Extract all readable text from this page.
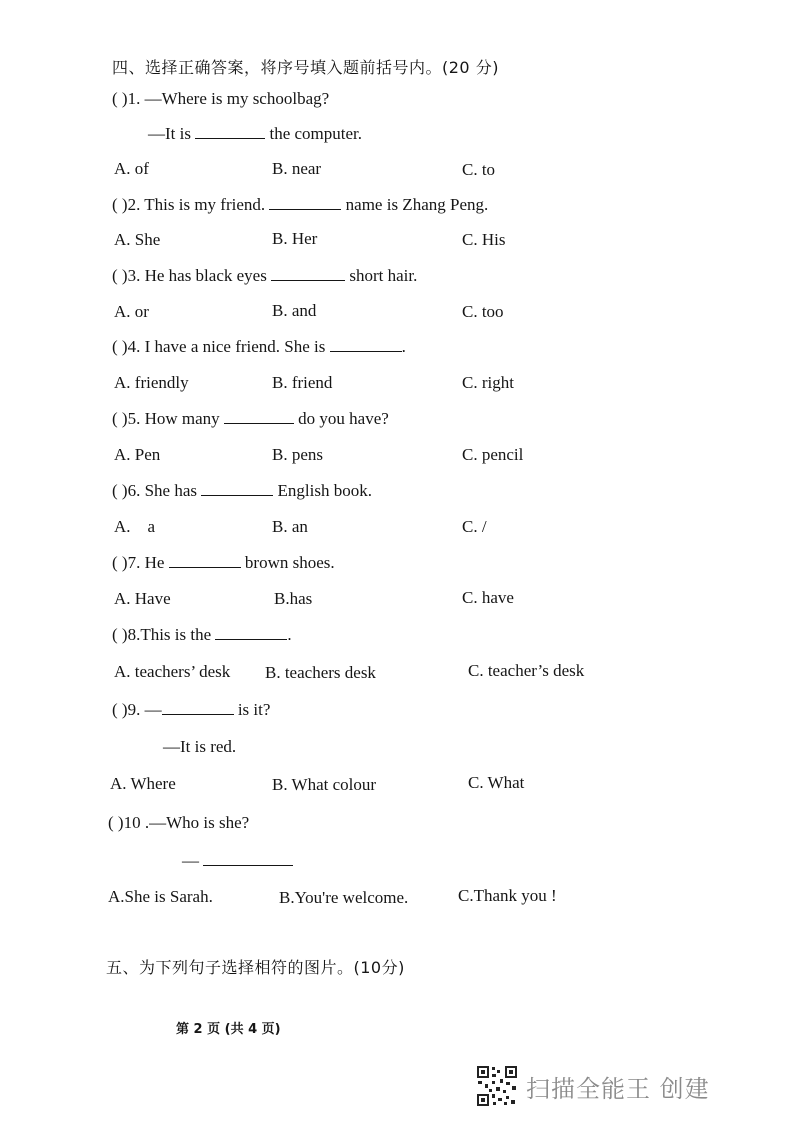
四、选择正确答案，将序号填入题前括号内。(20 分)
( )1. —Where is my schoolbag?
—It is	the computer.
A. of	B. near	C. to
( )2. This is my friend.	name is Zhang Peng.
A. She	B. Her	C. His
( )3. He has black eyes	short hair.
A. or	B. and	C. too
( )4. I have a nice friend. She is	.
A. friendly	B. friend	C. right
( )5. How many	do you have?
A. Pen	B. pens	C. pencil
( )6. She has	English book.
A.    a	B. an	C. /
( )7. He	brown shoes.
A. Have	B.has	C. have
( )8.This is the	.
A. teachers’ desk B. teachers desk	C. teacher’s desk
( )9. —	is it?
—It is red.
A. Where	B. What colour	C. What
( )10 .—Who is she?
—
A.She is Sarah.	B.You're welcome.	C.Thank you !
五、为下列句子选择相符的图片。(10分)
第 2 页 (共 4 页)
扫描全能王 创建
